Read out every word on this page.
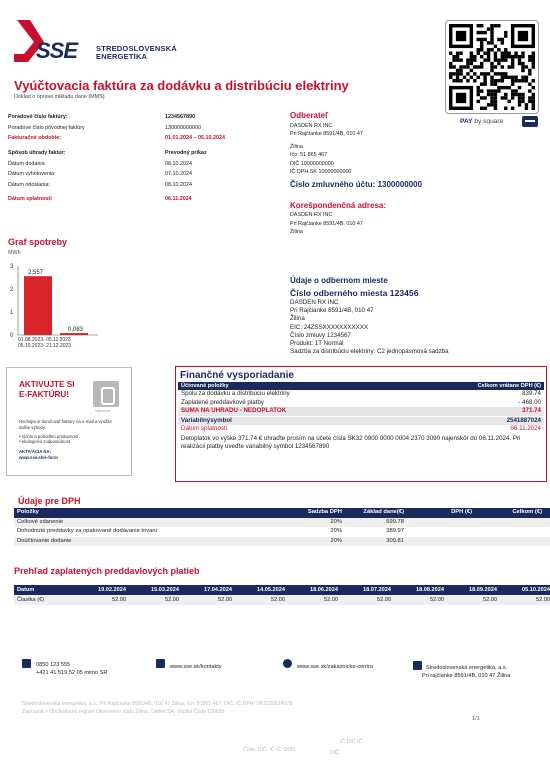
SSE	STREDOSLOVENSKÁ
ENERGETIKA
PAY by square
Vyúčtovacia faktúra za dodávku a distribúciu elektriny
Doklad o oprave základu dane (MMS)
Poradové číslo faktúry:	1234567890
Poradové číslo pôvodnej faktúry	130000000000
Fakturačné obdobie:	01.01.2024 – 05.10.2024
Spôsob úhrady faktúr:	Prevodný príkaz
Dátum dodania	08.10.2024
Dátum vyhotovenia	07.10.2024
Dátum odoslania:	08.10.2024
Dátum splatnosti	06.11.2024
Odberateľ
DASDEN RX INC
Pri Rajčianke 8591/4B, 010 47
Žilina
Ičo: 51 865 467
DIČ 10000000000
IČ DPH SK 10000000000
Číslo zmluvného účtu: 1300000000
Korešpondenčná adresa:
DASDEN RX INC
Pri Rajčianke 8591/4B, 010 47
Žilina
Graf spotreby
MWh
3
2
1
0
2,557
01.08.2023- 05.11.2023
0,083
05.10.2023- 21.12.2023
Údaje o odbernom mieste
Číslo odberného miesta 123456
DASDEN RX INC
Pri Rajčianke 8591/4B, 010 47
Žilina
EIC: 24ZSSXXXXXXXXXXX
Číslo zmluvy 1234567
Produkt: 1T Normál
Sadzba za distribúciu elektriny: C2 jednopásmová sadzba
AKTIVUJTE SI
E-FAKTÚRU!
Vykresne
Nechajte si doručovať faktúry na e-mail a využite dalšie výhody:
• rýchlu a pohodlnú prístupnosť,
• ekologickú zodpovednosť.
AKTIVÁCIA NA:
www.sse.sk/e-form
Finančné vysporiadanie
Účtované položky	Celkom vrátane DPH (€)
Spolu za dodávku a distribúciu elektriny	839.74
Zaplatené preddavkové platby	- 468.00
SUMA NA UHRADU - NEDOPLATOK	371.74
Variabilnýsymbol	2541887024
Dátum splatnosti	06.11.2024
Detoplatok vo výške 371.74 € uhraďte prosím na účete čísla SK32 0900 0000 0004 2370 3090 najenskôr do 06.11.2024. Pri realizácii platby uveďte variabilný symbol 1234567890
Údaje pre DPH
Položky	Sadzba DPH	Základ dane(€)	DPH (€)	Celkom (€)
Celkové zdanenie	20%	699.78
Dohodnuté preddavky za opakované dodávanie tovaru	20%	389.97
Doúčtovanie dodanie	20%	309.81
Prehľad zaplatených preddavlových platieb
Datum	19.02.2024	15.03.2024	17.04.2024	14.05.2024	18.06.2024	18.07.2024	18.08.2024	18.09.2024	05.10.2024
Čiastka (€)	52.00	52.00	52.00	52.00	52.00	52.00	52.00	52.00	52.00
0850 123 555
+421 41 519 52 05 mimo SR
www.sse.sk/kontakty	www.sse.sk/zakaznicke-centra	Stredoslovenská energetika, a.s.
Pri rajčianke 8591/4B, 010 47 Žilina
Stredoslovenská energetika, a.s., Pri Rajčianke 8591/4B, 010 47 Žilina, Ičo: 51865 467, DIČ: IČ DPH: SK2120814578
Zapísaná v Obchodnom registri Okresného súdu Žilina, Oddiel SA, Vložka Číslo 109655
1/1
IČ DIČ IČ
Číslo. DIČ: IČ IČ SK81	DIČ
